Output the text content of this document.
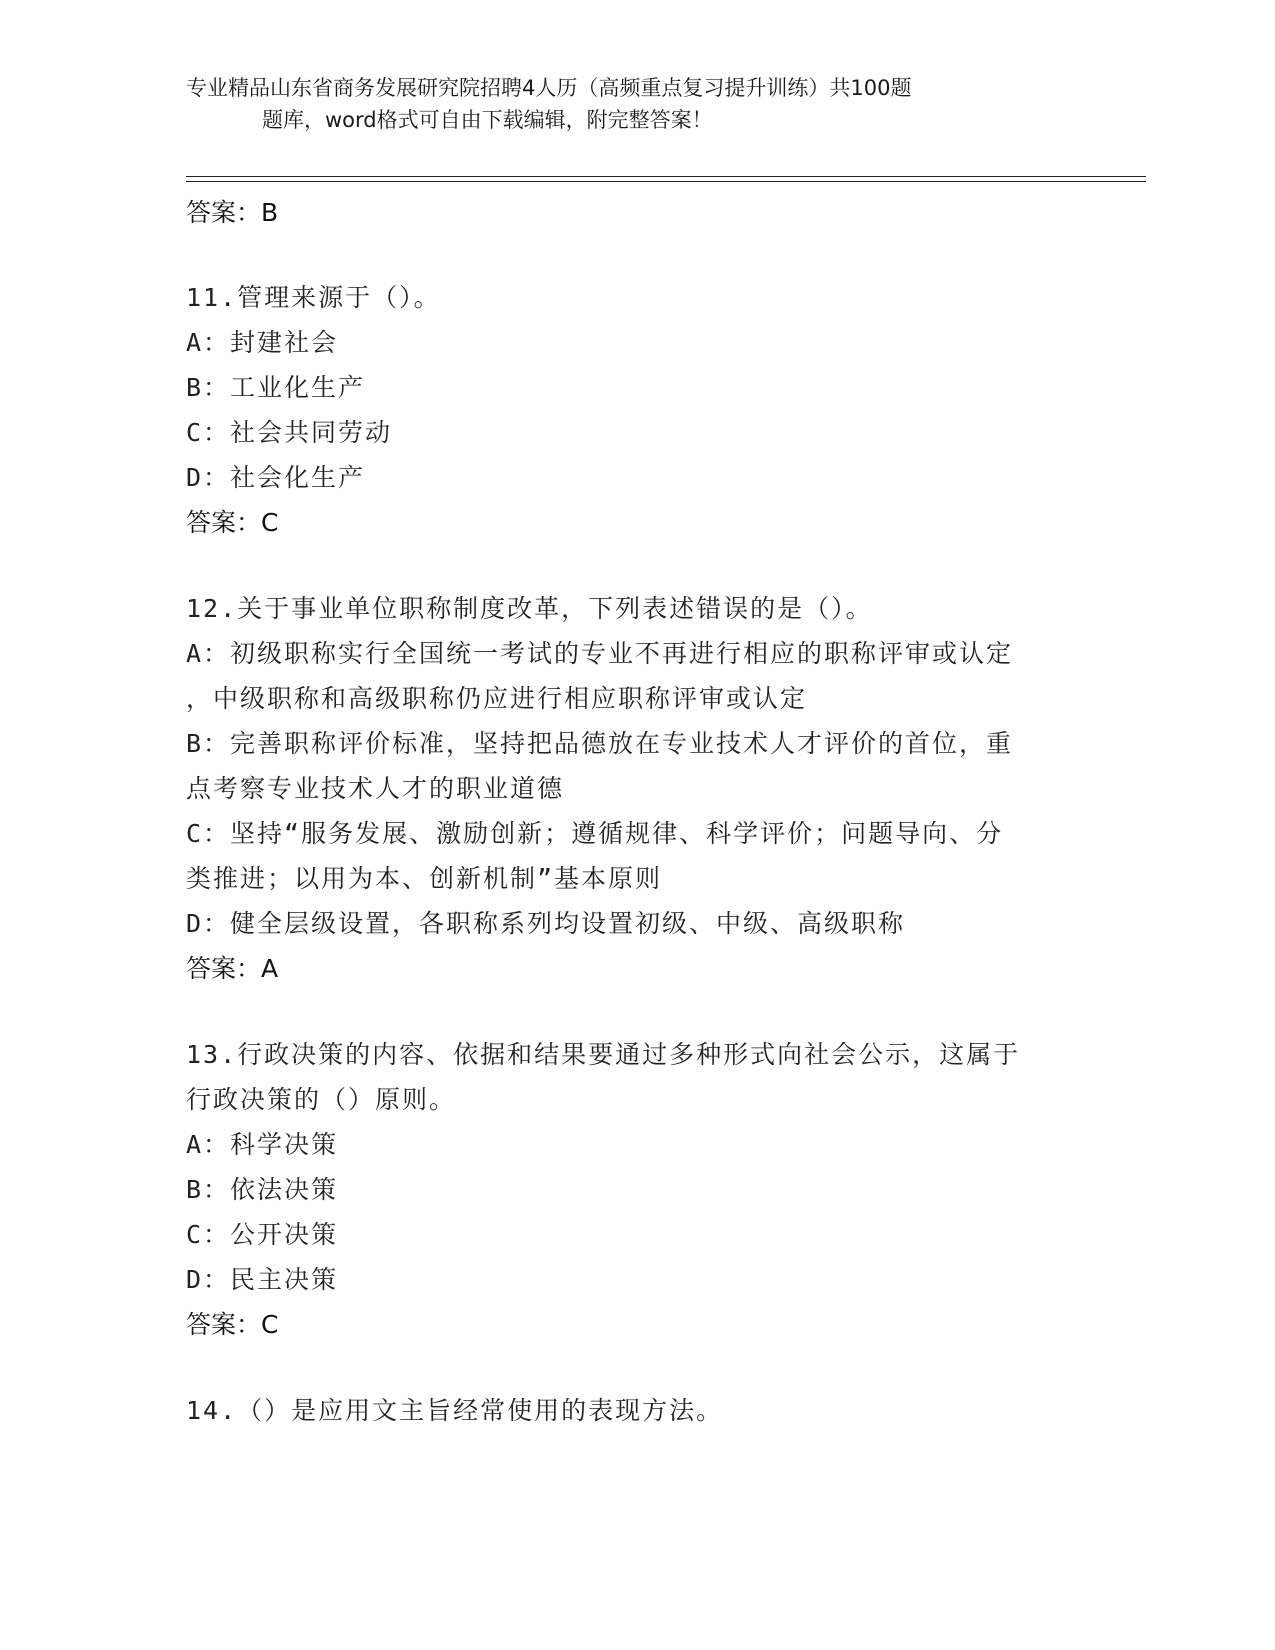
专业精品山东省商务发展研究院招聘4人历（高频重点复习提升训练）共100题
题库，word格式可自由下载编辑，附完整答案！
答案：B
11.管理来源于（）。
A：封建社会
B：工业化生产
C：社会共同劳动
D：社会化生产
答案：C
12.关于事业单位职称制度改革，下列表述错误的是（）。
A：初级职称实行全国统一考试的专业不再进行相应的职称评审或认定
，中级职称和高级职称仍应进行相应职称评审或认定
B：完善职称评价标准，坚持把品德放在专业技术人才评价的首位，重
点考察专业技术人才的职业道德
C：坚持“服务发展、激励创新；遵循规律、科学评价；问题导向、分
类推进；以用为本、创新机制”基本原则
D：健全层级设置，各职称系列均设置初级、中级、高级职称
答案：A
13.行政决策的内容、依据和结果要通过多种形式向社会公示，这属于
行政决策的（）原则。
A：科学决策
B：依法决策
C：公开决策
D：民主决策
答案：C
14.（）是应用文主旨经常使用的表现方法。
